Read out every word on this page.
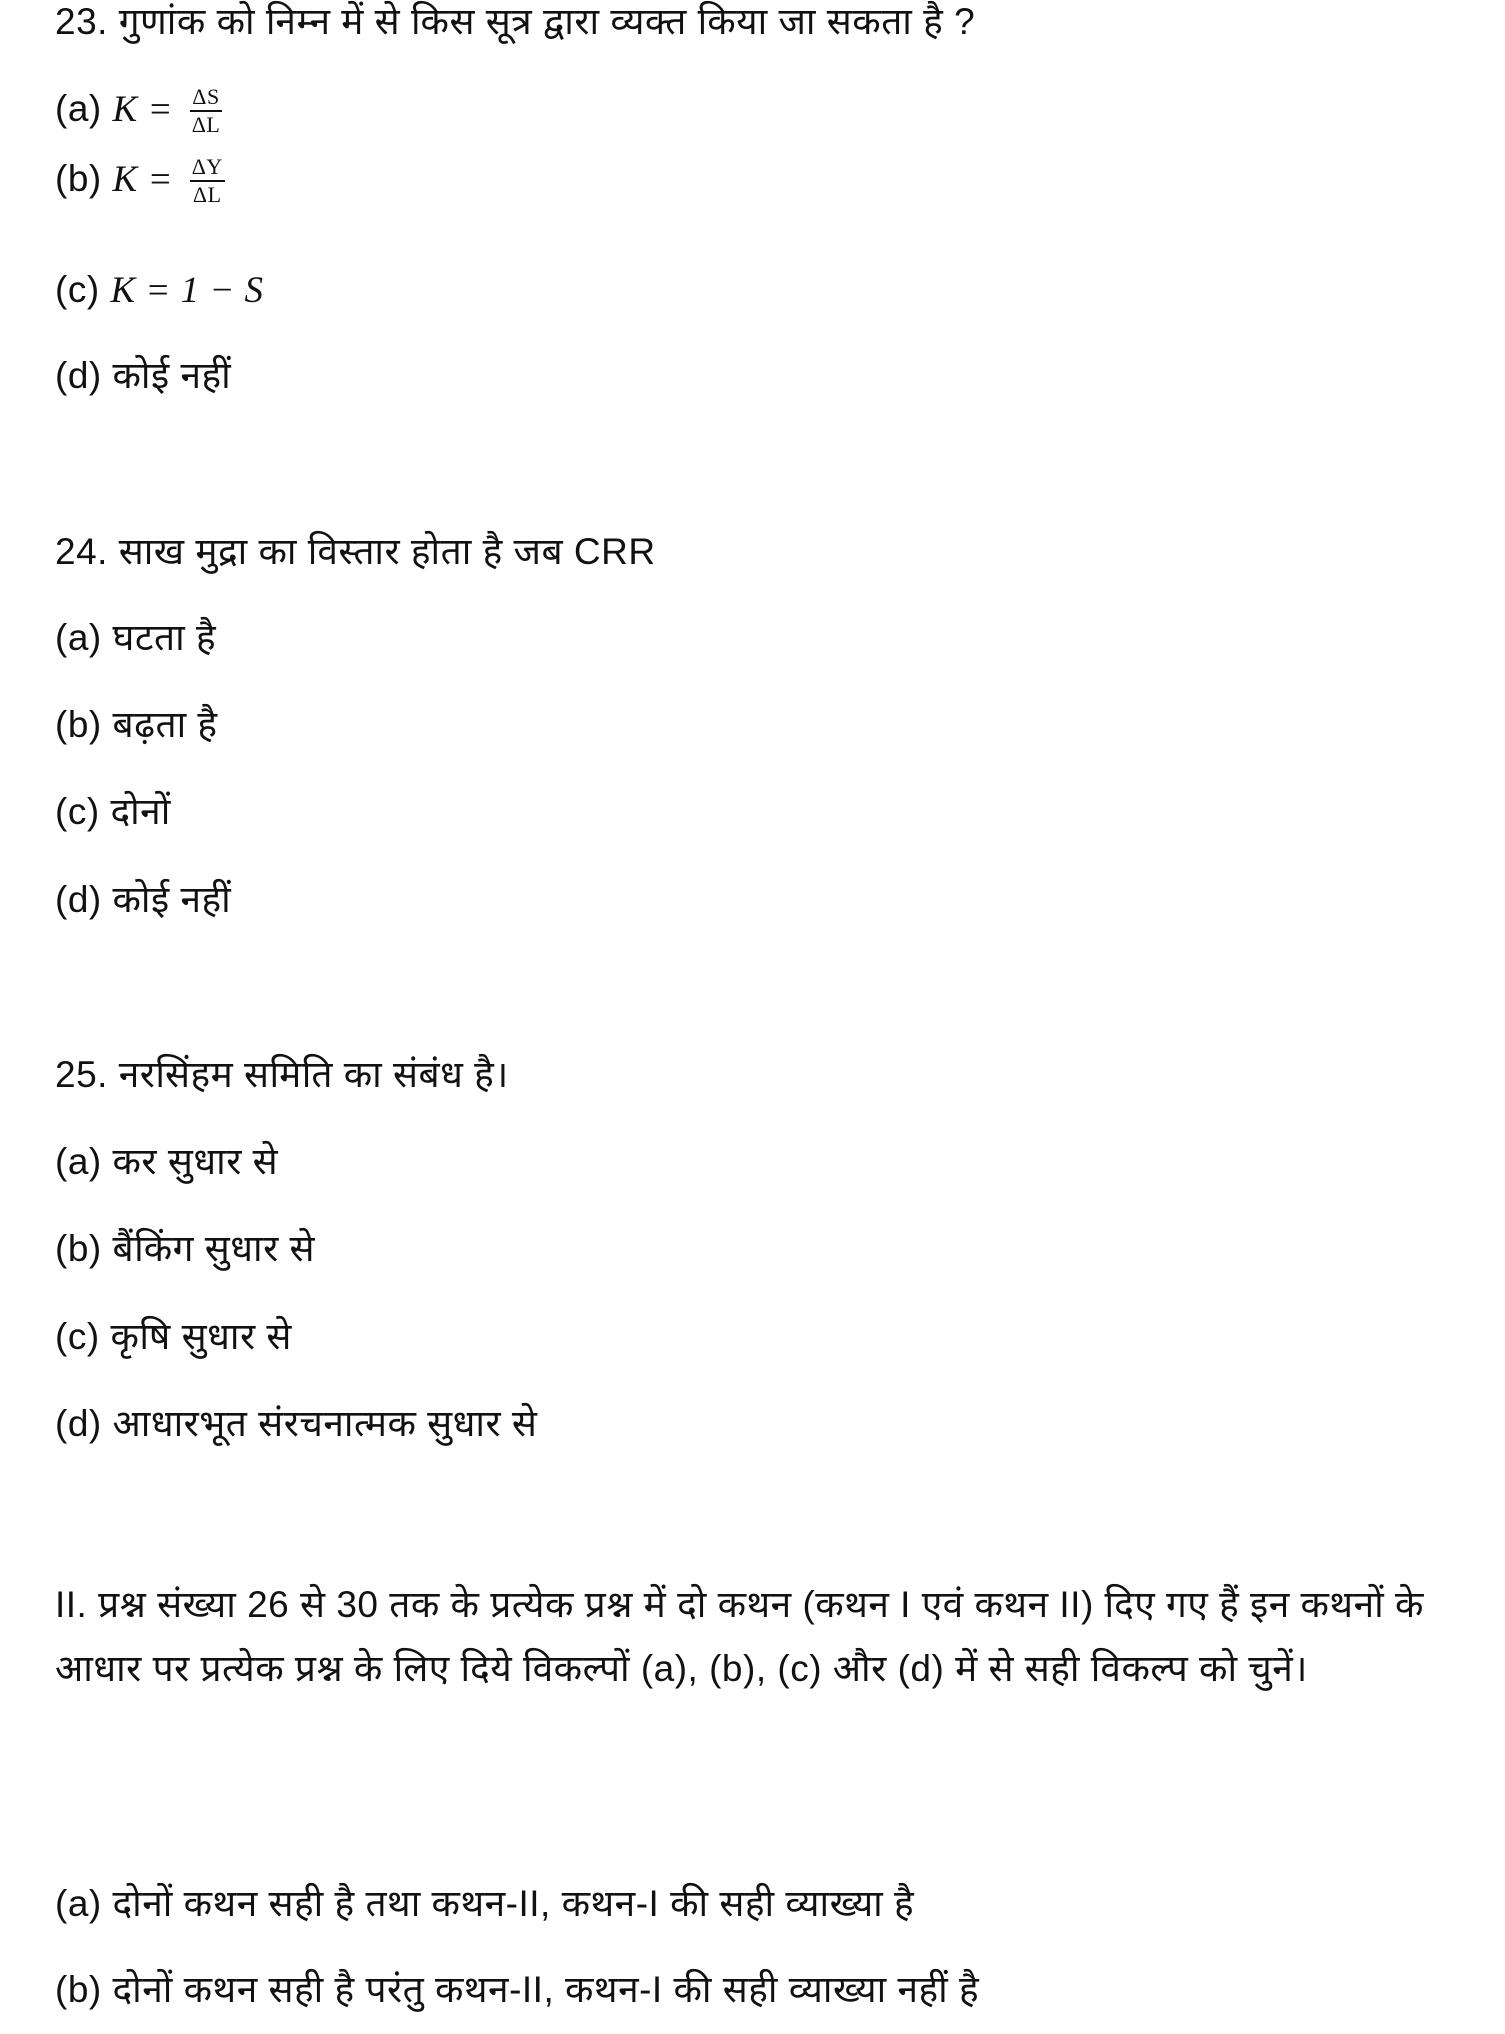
23. गुणांक को निम्न में से किस सूत्र द्वारा व्यक्त किया जा सकता है ?
(a) $K = \frac{\Delta S}{\Delta L}$
(b) $K = \frac{\Delta Y}{\Delta L}$
(c) K = 1 − S
(d) कोई नहीं
24. साख मुद्रा का विस्तार होता है जब CRR
(a) घटता है
(b) बढ़ता है
(c) दोनों
(d) कोई नहीं
25. नरसिंहम समिति का संबंध है।
(a) कर सुधार से
(b) बैंकिंग सुधार से
(c) कृषि सुधार से
(d) आधारभूत संरचनात्मक सुधार से
II. प्रश्न संख्या 26 से 30 तक के प्रत्येक प्रश्न में दो कथन (कथन I एवं कथन II) दिए गए हैं इन कथनों के आधार पर प्रत्येक प्रश्न के लिए दिये विकल्पों (a), (b), (c) और (d) में से सही विकल्प को चुनें।
(a) दोनों कथन सही है तथा कथन-II, कथन-I की सही व्याख्या है
(b) दोनों कथन सही है परंतु कथन-II, कथन-I की सही व्याख्या नहीं है
